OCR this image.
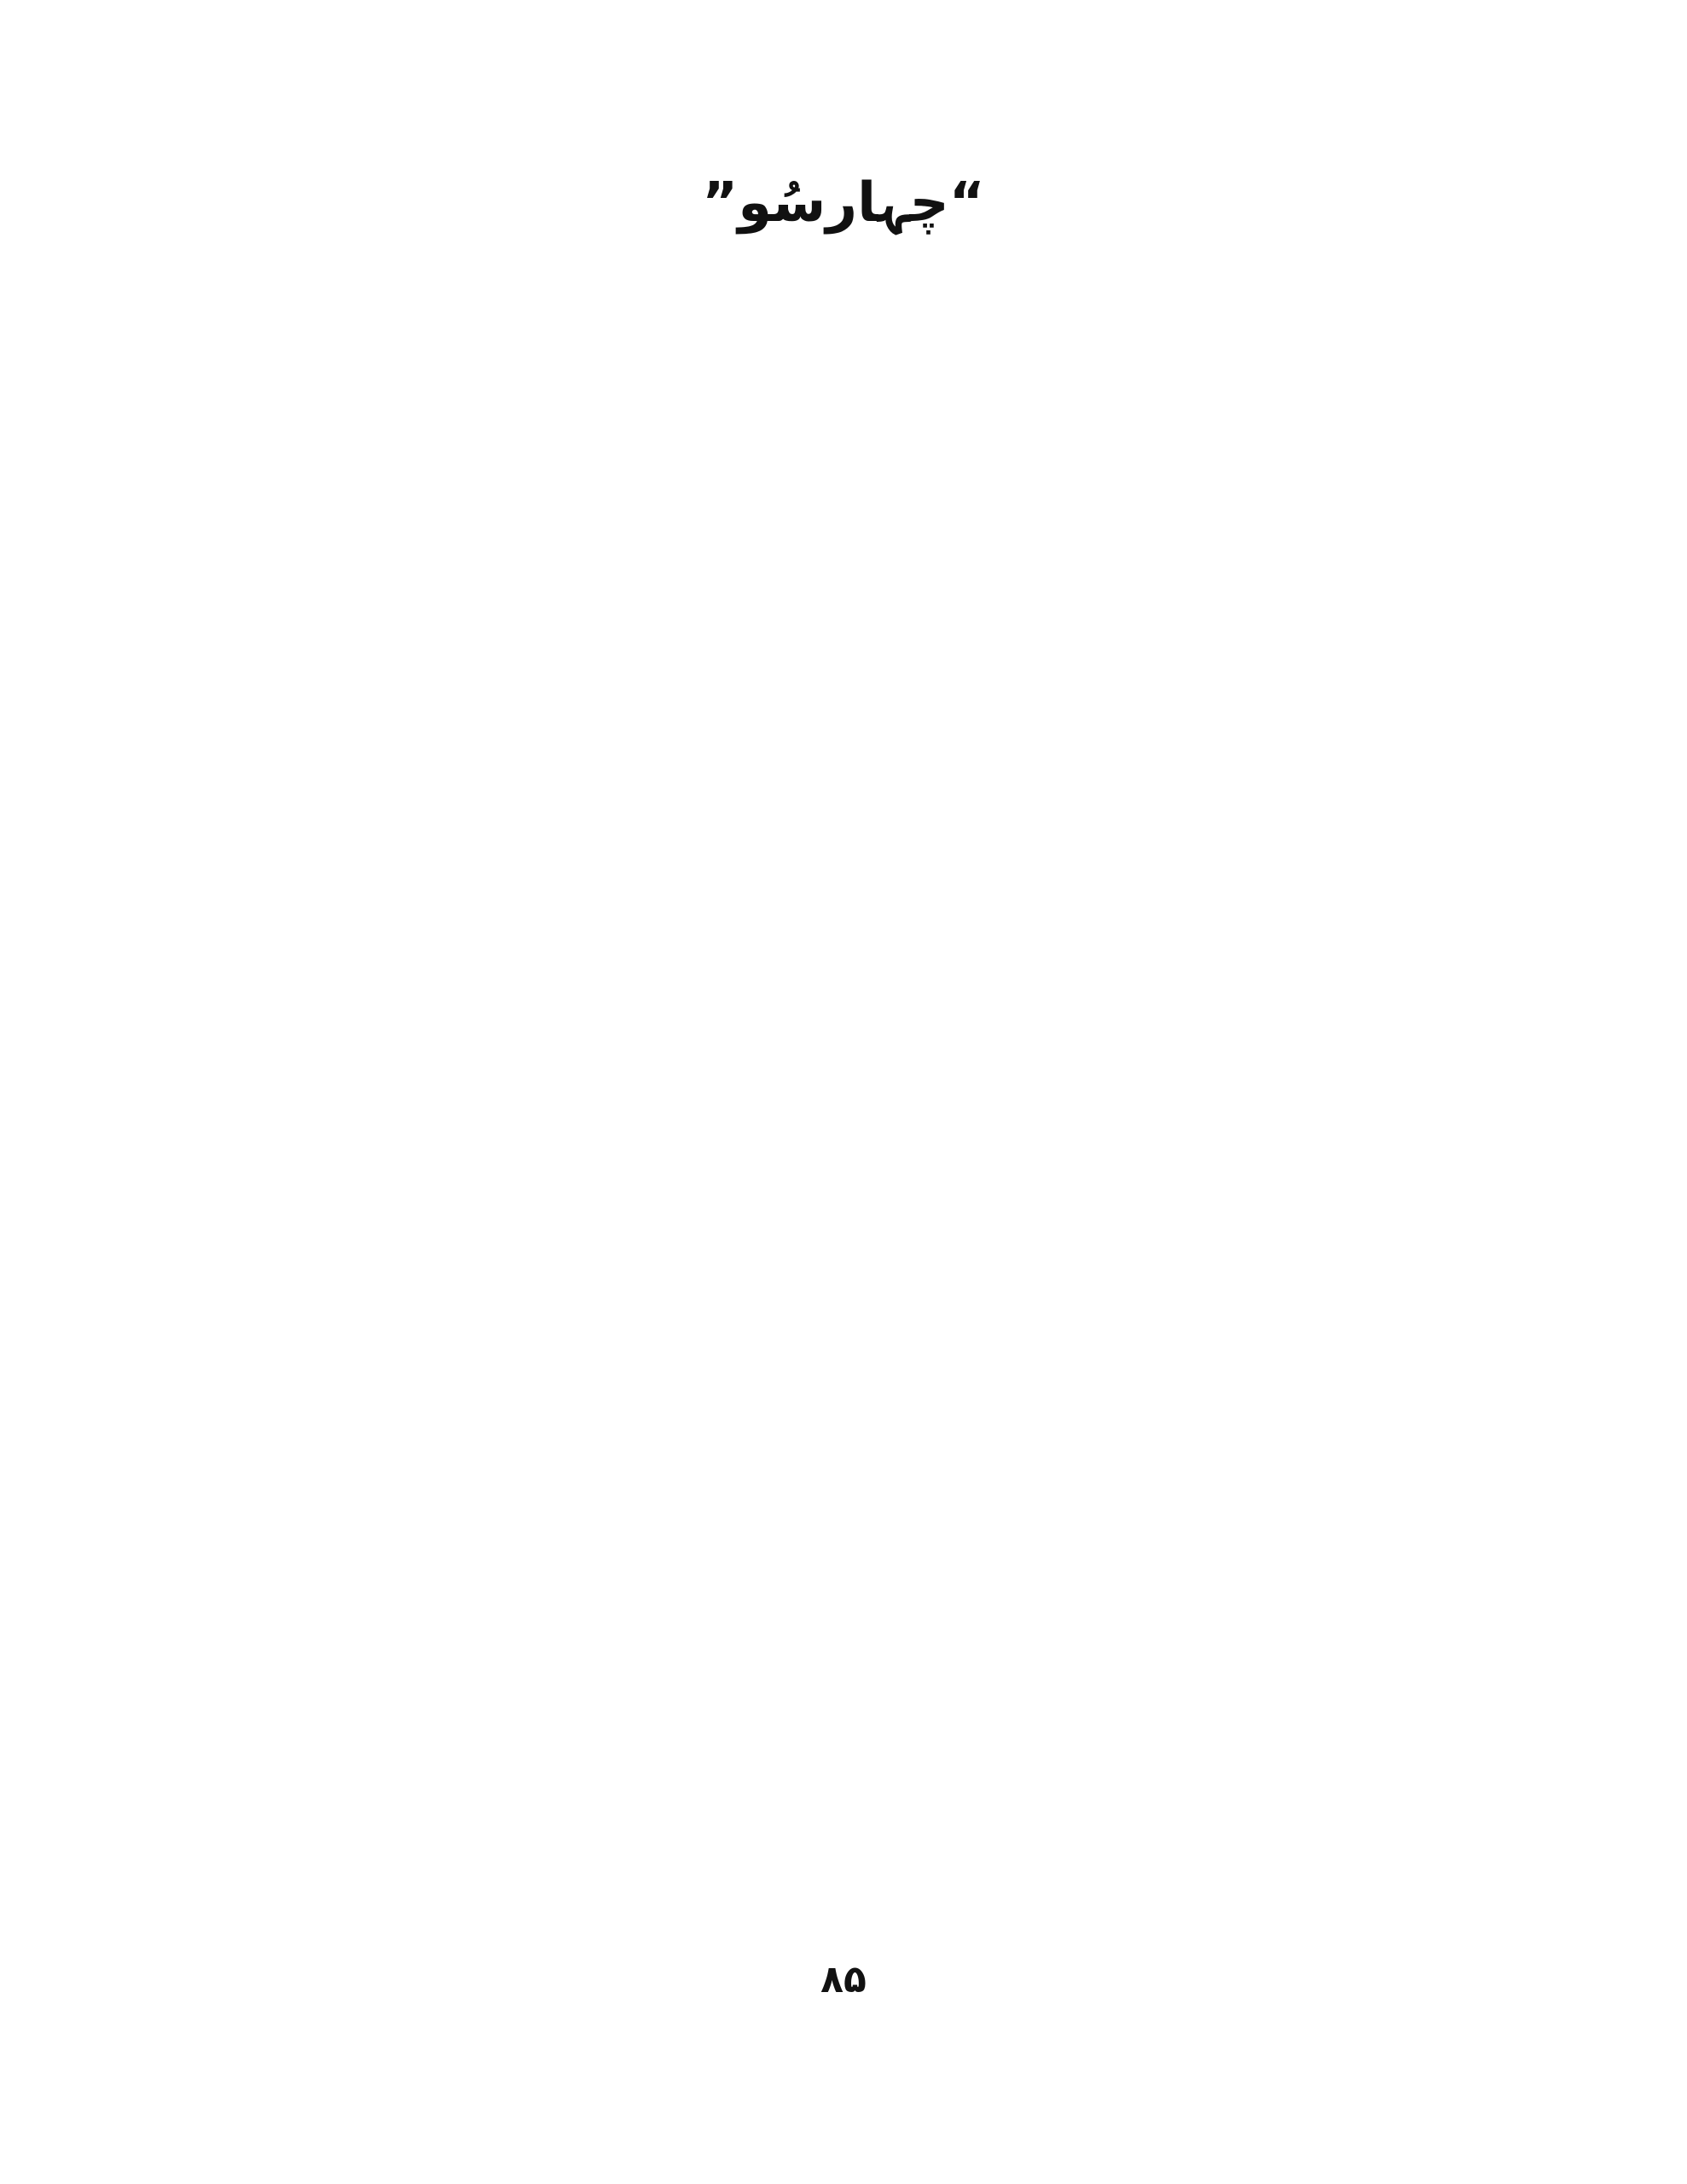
“چہارسُو”

۸۵
